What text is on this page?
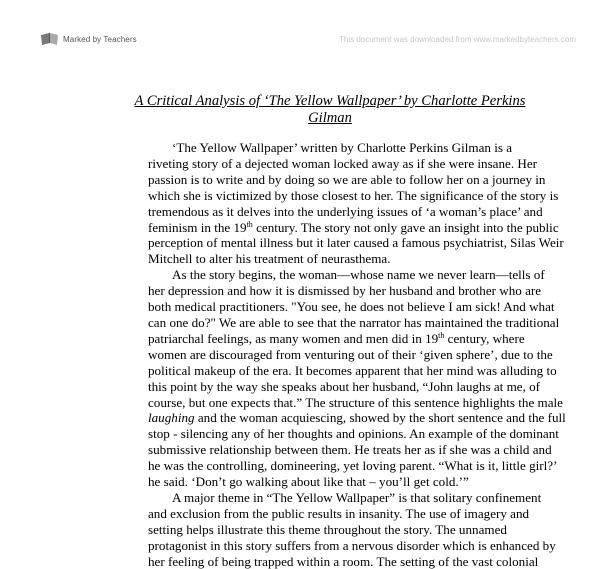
Marked by Teachers	This document was downloaded from www.markedbyteachers.com
A Critical Analysis of ‘The Yellow Wallpaper’ by Charlotte Perkins
Gilman
‘The Yellow Wallpaper’ written by Charlotte Perkins Gilman is a
riveting story of a dejected woman locked away as if she were insane. Her
passion is to write and by doing so we are able to follow her on a journey in
which she is victimized by those closest to her. The significance of the story is
tremendous as it delves into the underlying issues of ‘a woman’s place’ and
feminism in the 19th century. The story not only gave an insight into the public
perception of mental illness but it later caused a famous psychiatrist, Silas Weir
Mitchell to alter his treatment of neurasthema.
As the story begins, the woman—whose name we never learn—tells of
her depression and how it is dismissed by her husband and brother who are
both medical practitioners. "You see, he does not believe I am sick! And what
can one do?" We are able to see that the narrator has maintained the traditional
patriarchal feelings, as many women and men did in 19th century, where
women are discouraged from venturing out of their ‘given sphere’, due to the
political makeup of the era. It becomes apparent that her mind was alluding to
this point by the way she speaks about her husband, “John laughs at me, of
course, but one expects that.” The structure of this sentence highlights the male
laughing and the woman acquiescing, showed by the short sentence and the full
stop - silencing any of her thoughts and opinions. An example of the dominant
submissive relationship between them. He treats her as if she was a child and
he was the controlling, domineering, yet loving parent. “What is it, little girl?’
he said. ‘Don’t go walking about like that – you’ll get cold.’”
A major theme in “The Yellow Wallpaper” is that solitary confinement
and exclusion from the public results in insanity. The use of imagery and
setting helps illustrate this theme throughout the story. The unnamed
protagonist in this story suffers from a nervous disorder which is enhanced by
her feeling of being trapped within a room. The setting of the vast colonial
